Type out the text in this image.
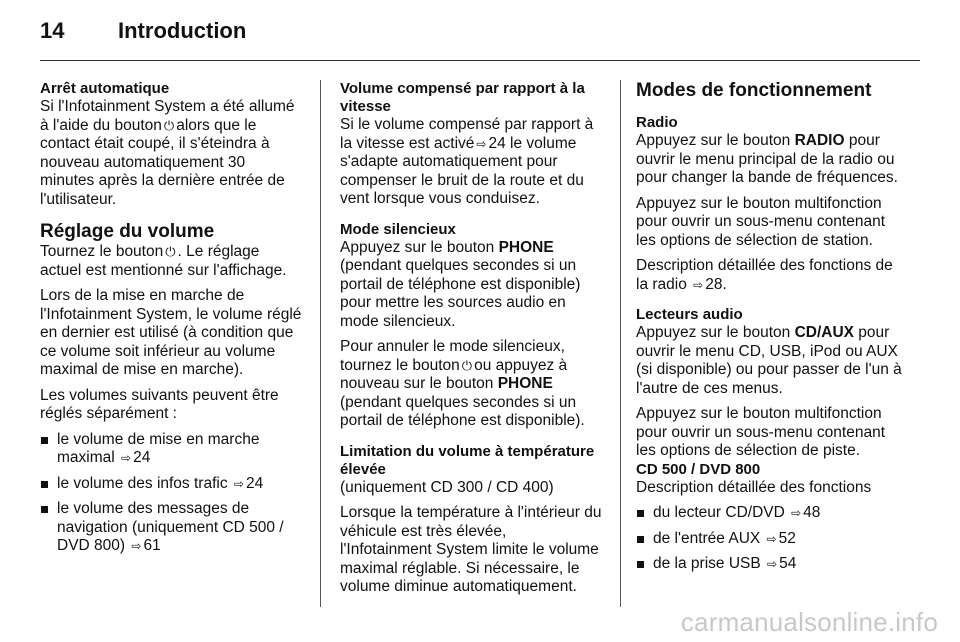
14 Introduction

Arrêt automatique

Si l'Infotainment System a été allumé à l'aide du bouton ⏻ alors que le contact était coupé, il s'éteindra à nouveau automatiquement 30 minutes après la dernière entrée de l'utilisateur.

Réglage du volume

Tournez le bouton ⏻ . Le réglage actuel est mentionné sur l'affichage.

Lors de la mise en marche de l'Infotainment System, le volume réglé en dernier est utilisé (à condition que ce volume soit inférieur au volume maximal de mise en marche).

Les volumes suivants peuvent être réglés séparément :

le volume de mise en marche maximal ⇨ 24

le volume des infos trafic ⇨ 24

le volume des messages de navigation (uniquement CD 500 / DVD 800) ⇨ 61

Volume compensé par rapport à la vitesse

Si le volume compensé par rapport à la vitesse est activé ⇨ 24 le volume s'adapte automatiquement pour compenser le bruit de la route et du vent lorsque vous conduisez.

Mode silencieux

Appuyez sur le bouton PHONE (pendant quelques secondes si un portail de téléphone est disponible) pour mettre les sources audio en mode silencieux.

Pour annuler le mode silencieux, tournez le bouton ⏻ ou appuyez à nouveau sur le bouton PHONE (pendant quelques secondes si un portail de téléphone est disponible).

Limitation du volume à température élevée

(uniquement CD 300 / CD 400)

Lorsque la température à l'intérieur du véhicule est très élevée, l'Infotainment System limite le volume maximal réglable. Si nécessaire, le volume diminue automatiquement.

Modes de fonctionnement

Radio

Appuyez sur le bouton RADIO pour ouvrir le menu principal de la radio ou pour changer la bande de fréquences.

Appuyez sur le bouton multifonction pour ouvrir un sous-menu contenant les options de sélection de station.

Description détaillée des fonctions de la radio ⇨ 28.

Lecteurs audio

Appuyez sur le bouton CD/AUX pour ouvrir le menu CD, USB, iPod ou AUX (si disponible) ou pour passer de l'un à l'autre de ces menus.

Appuyez sur le bouton multifonction pour ouvrir un sous-menu contenant les options de sélection de piste.

CD 500 / DVD 800

Description détaillée des fonctions

du lecteur CD/DVD ⇨ 48

de l'entrée AUX ⇨ 52

de la prise USB ⇨ 54

carmanualsonline.info
